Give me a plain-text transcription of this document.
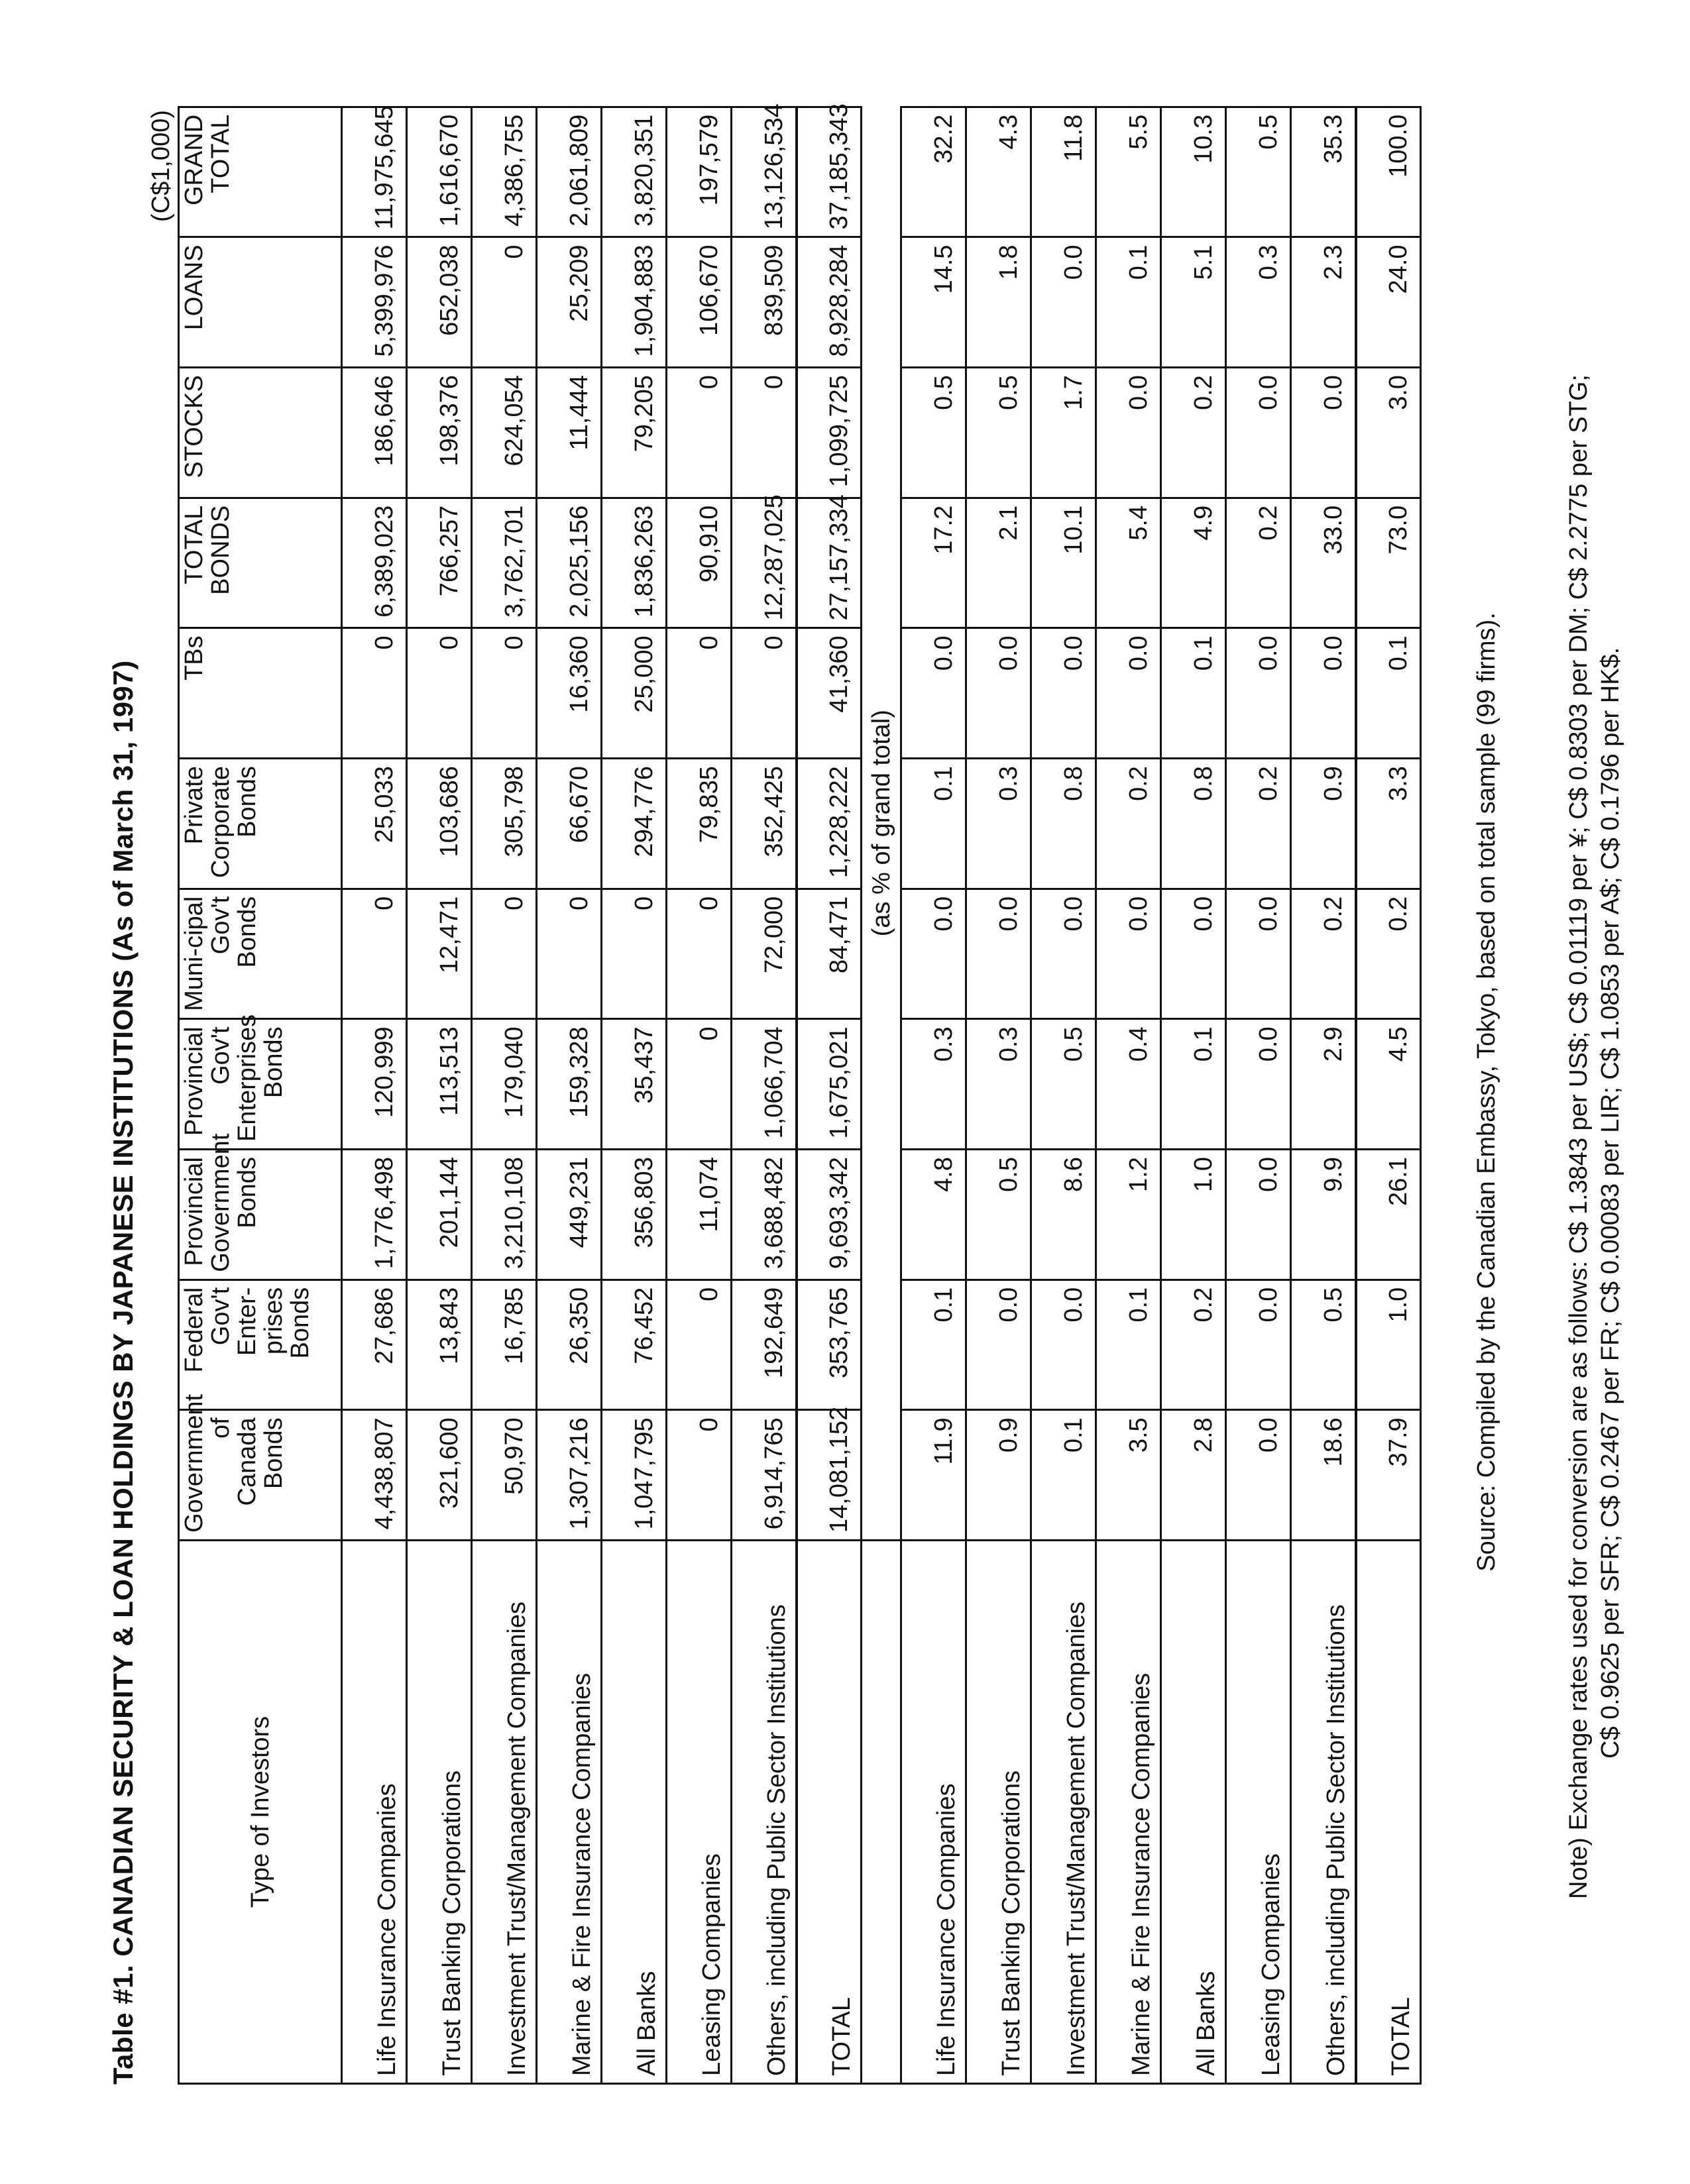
Table #1. CANADIAN SECURITY & LOAN HOLDINGS BY JAPANESE INSTITUTIONS (As of March 31, 1997)
(C$1,000)
Type of Investors	Government of Canada Bonds	Federal Gov't Enter-prises Bonds	Provincial Government Bonds	Provincial Gov't Enterprises Bonds	Muni-cipal Gov't Bonds	Private Corporate Bonds	TBs	TOTAL BONDS	STOCKS	LOANS	GRAND TOTAL
Life Insurance Companies	4,438,807	27,686	1,776,498	120,999	0	25,033	0	6,389,023	186,646	5,399,976	11,975,645
Trust Banking Corporations	321,600	13,843	201,144	113,513	12,471	103,686	0	766,257	198,376	652,038	1,616,670
Investment Trust/Management Companies	50,970	16,785	3,210,108	179,040	0	305,798	0	3,762,701	624,054	0	4,386,755
Marine & Fire Insurance Companies	1,307,216	26,350	449,231	159,328	0	66,670	16,360	2,025,156	11,444	25,209	2,061,809
All Banks	1,047,795	76,452	356,803	35,437	0	294,776	25,000	1,836,263	79,205	1,904,883	3,820,351
Leasing Companies	0	0	11,074	0	0	79,835	0	90,910	0	106,670	197,579
Others, including Public Sector Institutions	6,914,765	192,649	3,688,482	1,066,704	72,000	352,425	0	12,287,025	0	839,509	13,126,534
TOTAL	14,081,152	353,765	9,693,342	1,675,021	84,471	1,228,222	41,360	27,157,334	1,099,725	8,928,284	37,185,343
	(as % of grand total)										
Life Insurance Companies	11.9	0.1	4.8	0.3	0.0	0.1	0.0	17.2	0.5	14.5	32.2
Trust Banking Corporations	0.9	0.0	0.5	0.3	0.0	0.3	0.0	2.1	0.5	1.8	4.3
Investment Trust/Management Companies	0.1	0.0	8.6	0.5	0.0	0.8	0.0	10.1	1.7	0.0	11.8
Marine & Fire Insurance Companies	3.5	0.1	1.2	0.4	0.0	0.2	0.0	5.4	0.0	0.1	5.5
All Banks	2.8	0.2	1.0	0.1	0.0	0.8	0.1	4.9	0.2	5.1	10.3
Leasing Companies	0.0	0.0	0.0	0.0	0.0	0.2	0.0	0.2	0.0	0.3	0.5
Others, including Public Sector Institutions	18.6	0.5	9.9	2.9	0.2	0.9	0.0	33.0	0.0	2.3	35.3
TOTAL	37.9	1.0	26.1	4.5	0.2	3.3	0.1	73.0	3.0	24.0	100.0
Source: Compiled by the Canadian Embassy, Tokyo, based on total sample (99 firms).	Note) Exchange rates used for conversion are as follows: C$ 1.3843 per US$; C$ 0.01119 per ¥; C$ 0.8303 per DM; C$ 2.2775 per STG; C$ 0.9625 per SFR; C$ 0.2467 per FR; C$ 0.00083 per LIR; C$ 1.0853 per A$; C$ 0.1796 per HK$.
